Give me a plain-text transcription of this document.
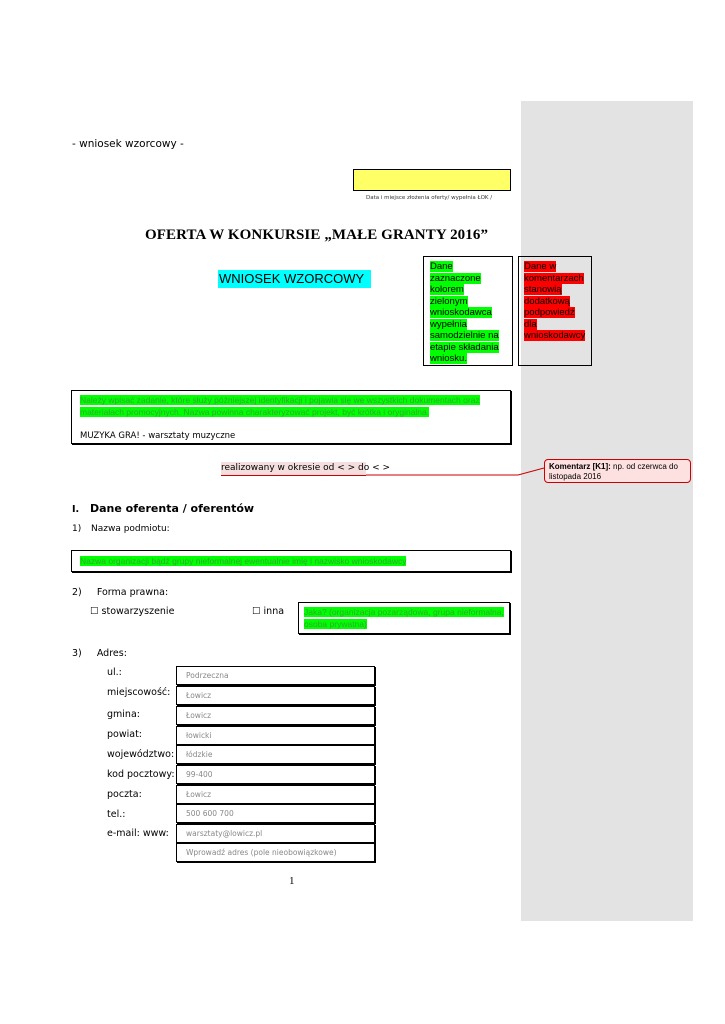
- wniosek wzorcowy -
Data i miejsce złożenia oferty/ wypełnia ŁOK /
OFERTA W KONKURSIE „MAŁE GRANTY 2016”
WNIOSEK WZORCOWY
Dane zaznaczone kolorem zielonym wnioskodawca wypełnia samodzielnie na etapie składania wniosku.
Dane w komentarzach stanowią dodatkową podpowiedź dla wnioskodawcy
Należy wpisać zadanie, które służy późniejszej identyfikacji i pojawia się we wszystkich dokumentach oraz materiałach promocyjnych. Nazwa powinna charakteryzować projekt, być krótka i oryginalna.
MUZYKA GRA! - warsztaty muzyczne
realizowany w okresie od < > do < >	Komentarz [K1]: np. od czerwca do listopada 2016
I. Dane oferenta / oferentów
1) Nazwa podmiotu:
Nazwa organizacji bądź grupy nieformalnej ewentualnie imię i nazwisko wnioskodawcy
2)     Forma prawna:
☐ stowarzyszenie	☐ inna Jaka? (organizacja pozarządowa, grupa nieformalna, osoba prywatna)
3)     Adres:
ul.:	Podrzeczna
miejscowość:	Łowicz
gmina:	Łowicz
powiat:	łowicki
województwo:	łódzkie
kod pocztowy:	99-400
poczta:	Łowicz
tel.:	500 600 700
e-mail: www:	warsztaty@lowicz.pl
Wprowadź adres (pole nieobowiązkowe)
1
